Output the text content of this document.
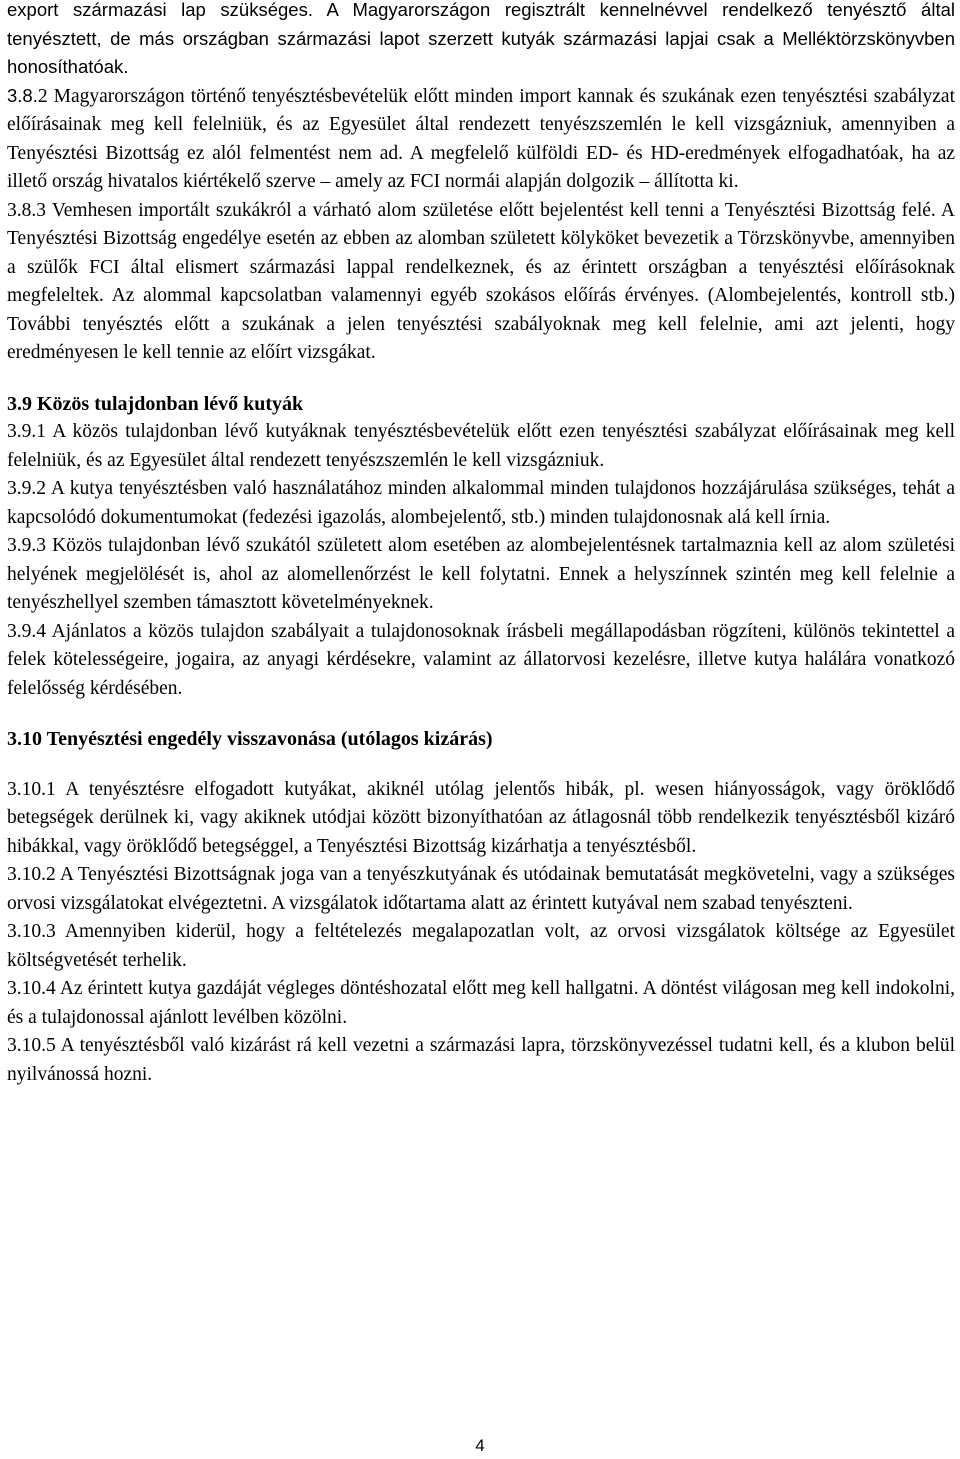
export származási lap szükséges. A Magyarországon regisztrált kennelnévvel rendelkező tenyésztő által tenyésztett, de más országban származási lapot szerzett kutyák származási lapjai csak a Melléktörzskönyvben honosíthatóak.

3.8.2 Magyarországon történő tenyésztésbevételük előtt minden import kannak és szukának ezen tenyésztési szabályzat előírásainak meg kell felelniük, és az Egyesület által rendezett tenyészszemlén le kell vizsgázniuk, amennyiben a Tenyésztési Bizottság ez alól felmentést nem ad. A megfelelő külföldi ED- és HD-eredmények elfogadhatóak, ha az illető ország hivatalos kiértékelő szerve – amely az FCI normái alapján dolgozik – állította ki.

3.8.3 Vemhesen importált szukákról a várható alom születése előtt bejelentést kell tenni a Tenyésztési Bizottság felé. A Tenyésztési Bizottság engedélye esetén az ebben az alomban született kölyköket bevezetik a Törzskönyvbe, amennyiben a szülők FCI által elismert származási lappal rendelkeznek, és az érintett országban a tenyésztési előírásoknak megfeleltek. Az alommal kapcsolatban valamennyi egyéb szokásos előírás érvényes. (Alombejelentés, kontroll stb.) További tenyésztés előtt a szukának a jelen tenyésztési szabályoknak meg kell felelnie, ami azt jelenti, hogy eredményesen le kell tennie az előírt vizsgákat.

3.9 Közös tulajdonban lévő kutyák

3.9.1 A közös tulajdonban lévő kutyáknak tenyésztésbevételük előtt ezen tenyésztési szabályzat előírásainak meg kell felelniük, és az Egyesület által rendezett tenyészszemlén le kell vizsgázniuk.

3.9.2 A kutya tenyésztésben való használatához minden alkalommal minden tulajdonos hozzájárulása szükséges, tehát a kapcsolódó dokumentumokat (fedezési igazolás, alombejelentő, stb.) minden tulajdonosnak alá kell írnia.

3.9.3 Közös tulajdonban lévő szukától született alom esetében az alombejelentésnek tartalmaznia kell az alom születési helyének megjelölését is, ahol az alomellenőrzést le kell folytatni. Ennek a helyszínnek szintén meg kell felelnie a tenyészhellyel szemben támasztott követelményeknek.

3.9.4 Ajánlatos a közös tulajdon szabályait a tulajdonosoknak írásbeli megállapodásban rögzíteni, különös tekintettel a felek kötelességeire, jogaira, az anyagi kérdésekre, valamint az állatorvosi kezelésre, illetve kutya halálára vonatkozó felelősség kérdésében.

3.10 Tenyésztési engedély visszavonása (utólagos kizárás)

3.10.1 A tenyésztésre elfogadott kutyákat, akiknél utólag jelentős hibák, pl. wesen hiányosságok, vagy öröklődő betegségek derülnek ki, vagy akiknek utódjai között bizonyíthatóan az átlagosnál több rendelkezik tenyésztésből kizáró hibákkal, vagy öröklődő betegséggel, a Tenyésztési Bizottság kizárhatja a tenyésztésből.

3.10.2 A Tenyésztési Bizottságnak joga van a tenyészkutyának és utódainak bemutatását megkövetelni, vagy a szükséges orvosi vizsgálatokat elvégeztetni. A vizsgálatok időtartama alatt az érintett kutyával nem szabad tenyészteni.

3.10.3 Amennyiben kiderül, hogy a feltételezés megalapozatlan volt, az orvosi vizsgálatok költsége az Egyesület költségvetését terhelik.

3.10.4 Az érintett kutya gazdáját végleges döntéshozatal előtt meg kell hallgatni. A döntést világosan meg kell indokolni, és a tulajdonossal ajánlott levélben közölni.

3.10.5 A tenyésztésből való kizárást rá kell vezetni a származási lapra, törzskönyvezéssel tudatni kell, és a klubon belül nyilvánossá hozni.

4
